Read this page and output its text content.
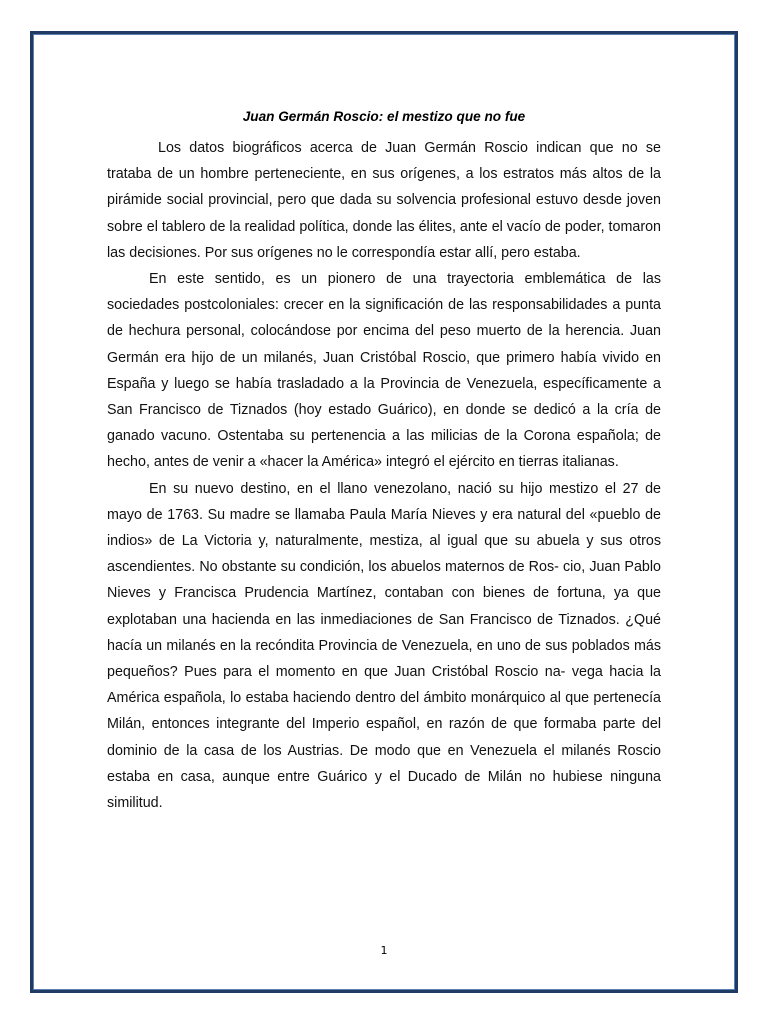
Juan Germán Roscio: el mestizo que no fue

Los datos biográficos acerca de Juan Germán Roscio indican que no se trataba de un hombre perteneciente, en sus orígenes, a los estratos más altos de la pirámide social provincial, pero que dada su solvencia profesional estuvo desde joven sobre el tablero de la realidad política, donde las élites, ante el vacío de poder, tomaron las decisiones. Por sus orígenes no le correspondía estar allí, pero estaba.

En este sentido, es un pionero de una trayectoria emblemática de las sociedades postcoloniales: crecer en la significación de las responsabilidades a punta de hechura personal, colocándose por encima del peso muerto de la herencia. Juan Germán era hijo de un milanés, Juan Cristóbal Roscio, que primero había vivido en España y luego se había trasladado a la Provincia de Venezuela, específicamente a San Francisco de Tiznados (hoy estado Guárico), en donde se dedicó a la cría de ganado vacuno. Ostentaba su pertenencia a las milicias de la Corona española; de hecho, antes de venir a «hacer la América» integró el ejército en tierras italianas.

En su nuevo destino, en el llano venezolano, nació su hijo mestizo el 27 de mayo de 1763. Su madre se llamaba Paula María Nieves y era natural del «pueblo de indios» de La Victoria y, naturalmente, mestiza, al igual que su abuela y sus otros ascendientes. No obstante su condición, los abuelos maternos de Ros- cio, Juan Pablo Nieves y Francisca Prudencia Martínez, contaban con bienes de fortuna, ya que explotaban una hacienda en las inmediaciones de San Francisco de Tiznados. ¿Qué hacía un milanés en la recóndita Provincia de Venezuela, en uno de sus poblados más pequeños? Pues para el momento en que Juan Cristóbal Roscio na- vega hacia la América española, lo estaba haciendo dentro del ámbito monárquico al que pertenecía Milán, entonces integrante del Imperio español, en razón de que formaba parte del dominio de la casa de los Austrias. De modo que en Venezuela el milanés Roscio estaba en casa, aunque entre Guárico y el Ducado de Milán no hubiese ninguna similitud.

1
